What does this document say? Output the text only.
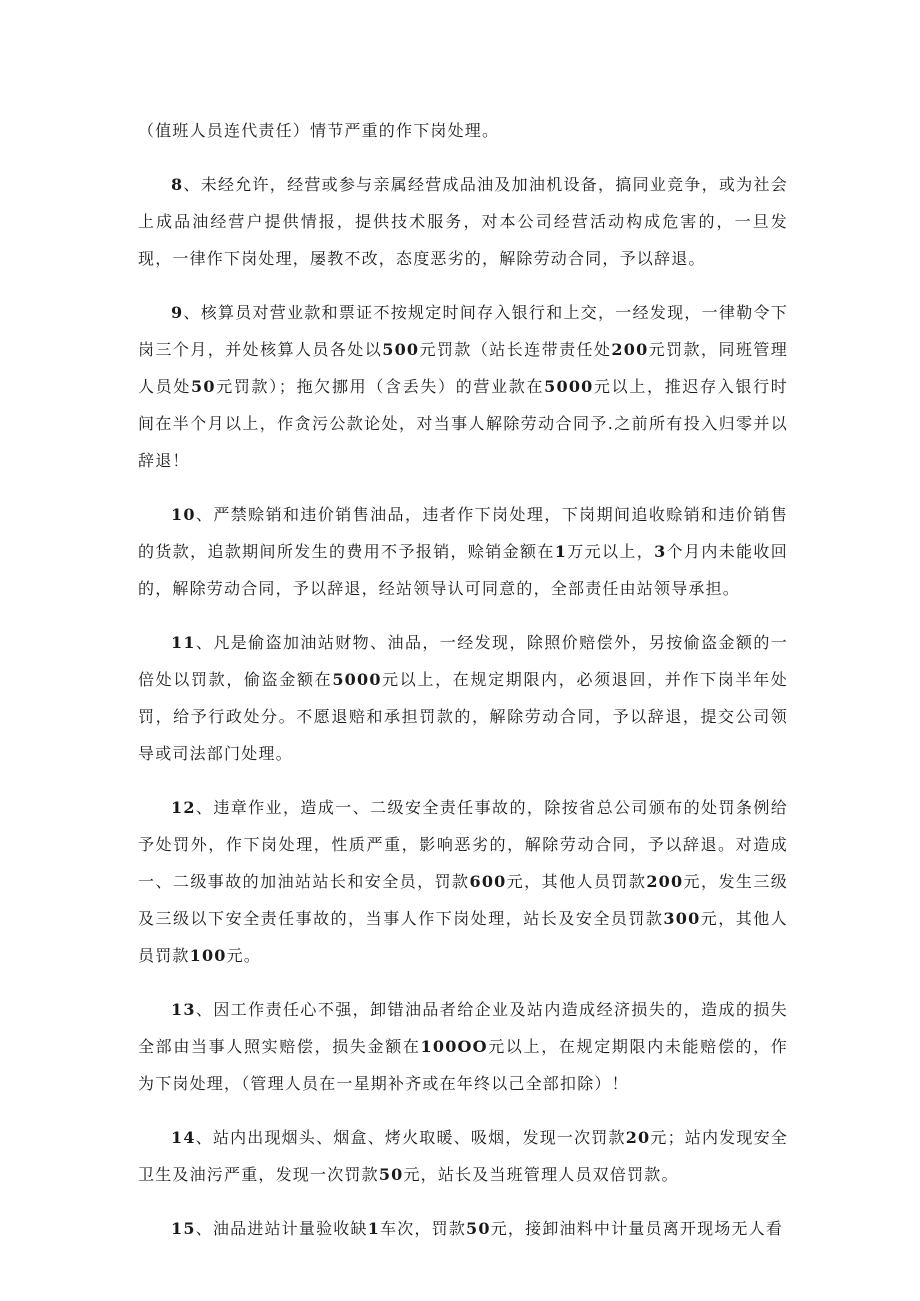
（值班人员连代责任）情节严重的作下岗处理。

8、未经允许，经营或参与亲属经营成品油及加油机设备，搞同业竞争，或为社会上成品油经营户提供情报，提供技术服务，对本公司经营活动构成危害的，一旦发现，一律作下岗处理，屡教不改，态度恶劣的，解除劳动合同，予以辞退。

9、核算员对营业款和票证不按规定时间存入银行和上交，一经发现，一律勒令下岗三个月，并处核算人员各处以500元罚款（站长连带责任处200元罚款，同班管理人员处50元罚款）；拖欠挪用（含丢失）的营业款在5000元以上，推迟存入银行时间在半个月以上，作贪污公款论处，对当事人解除劳动合同予.之前所有投入归零并以辞退！

10、严禁赊销和违价销售油品，违者作下岗处理，下岗期间追收赊销和违价销售的货款，追款期间所发生的费用不予报销，赊销金额在1万元以上，3个月内未能收回的，解除劳动合同，予以辞退，经站领导认可同意的，全部责任由站领导承担。

11、凡是偷盗加油站财物、油品，一经发现，除照价赔偿外，另按偷盗金额的一倍处以罚款，偷盗金额在5000元以上，在规定期限内，必须退回，并作下岗半年处罚，给予行政处分。不愿退赔和承担罚款的，解除劳动合同，予以辞退，提交公司领导或司法部门处理。

12、违章作业，造成一、二级安全责任事故的，除按省总公司颁布的处罚条例给予处罚外，作下岗处理，性质严重，影响恶劣的，解除劳动合同，予以辞退。对造成一、二级事故的加油站站长和安全员，罚款600元，其他人员罚款200元，发生三级及三级以下安全责任事故的，当事人作下岗处理，站长及安全员罚款300元，其他人员罚款100元。

13、因工作责任心不强，卸错油品者给企业及站内造成经济损失的，造成的损失全部由当事人照实赔偿，损失金额在100OO元以上，在规定期限内未能赔偿的，作为下岗处理，（管理人员在一星期补齐或在年终以己全部扣除）！

14、站内出现烟头、烟盒、烤火取暖、吸烟，发现一次罚款20元；站内发现安全卫生及油污严重，发现一次罚款50元，站长及当班管理人员双倍罚款。

15、油品进站计量验收缺1车次，罚款50元，接卸油料中计量员离开现场无人看
